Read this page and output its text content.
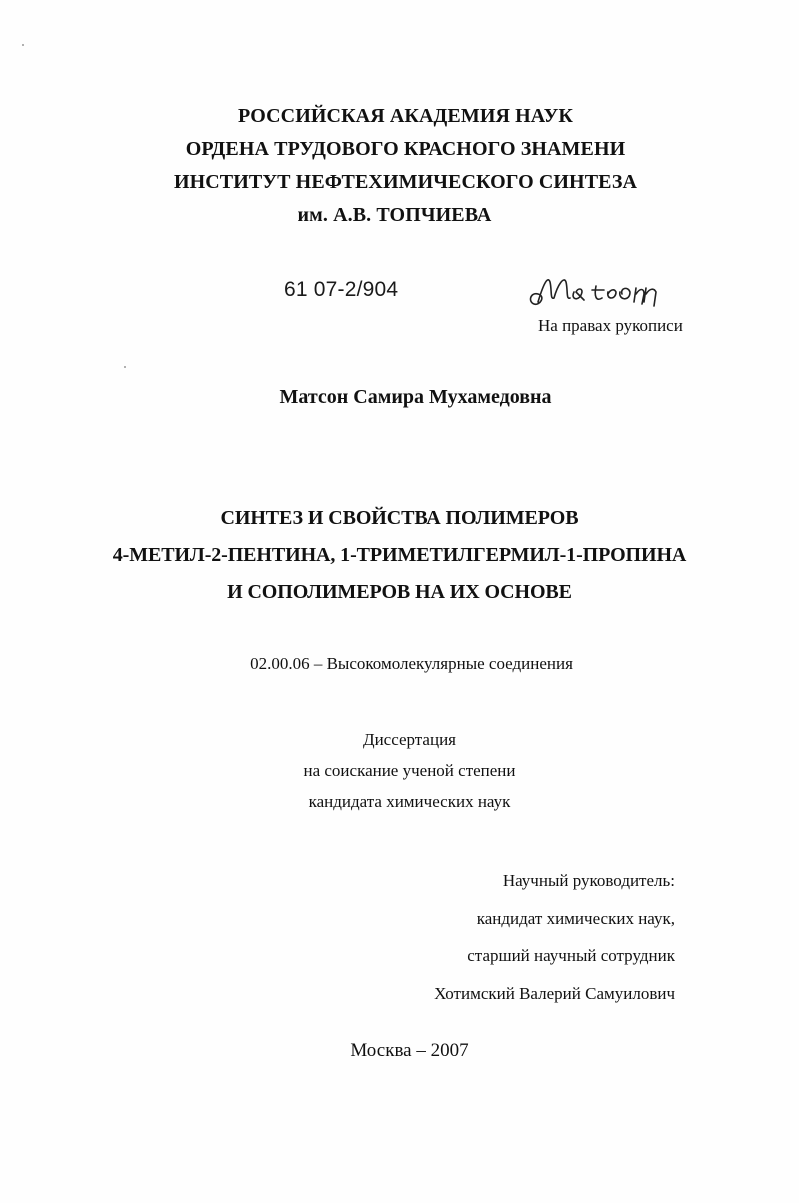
РОССИЙСКАЯ АКАДЕМИЯ НАУК
ОРДЕНА ТРУДОВОГО КРАСНОГО ЗНАМЕНИ
ИНСТИТУТ НЕФТЕХИМИЧЕСКОГО СИНТЕЗА
им. А.В. ТОПЧИЕВА
61 07-2/904
На правах рукописи
Матсон Самира Мухамедовна
СИНТЕЗ И СВОЙСТВА ПОЛИМЕРОВ
4-МЕТИЛ-2-ПЕНТИНА, 1-ТРИМЕТИЛГЕРМИЛ-1-ПРОПИНА
И СОПОЛИМЕРОВ НА ИХ ОСНОВЕ
02.00.06 – Высокомолекулярные соединения
Диссертация
на соискание ученой степени
кандидата химических наук
Научный руководитель:
кандидат химических наук,
старший научный сотрудник
Хотимский Валерий Самуилович
Москва – 2007
